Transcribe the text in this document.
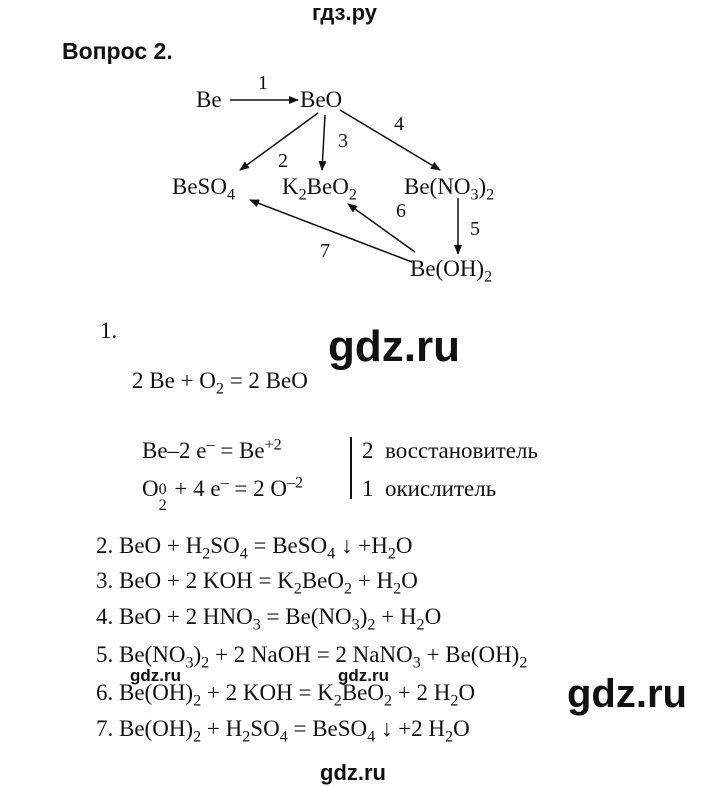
гдз.ру
gdz.ru
gdz.ru	gdz.ru	gdz.ru
gdz.ru
Вопрос 2.
Be	BeO
BeSO$_4$ $K_2BeO_2$ $Be(NO_3)_2$
$Be(OH)_2$
1
2
3
4
5
6
7
1.
2 $Be + O_2 = 2$ BeO
Be–2 $e^- = Be^{+2}$
O
2
0 + 4 e– = 2 $O^{-2}$
2 восстановитель
1 окислитель
2. BeO + $H_2SO_4$ = BeSO$_4$ ↓ $+H_2O$
3. BeO + 2 KOH = $K_2BeO_2 + H_2O$
4. BeO + 2 $HNO_3 = Be(NO_3)_2 + H_2O$
5. $Be(NO_3)_2 + 2$ NaOH = 2 NaNO$_3$ + $Be(OH)_2$
6. $Be(OH)_2 + 2$ KOH = $K_2BeO_2 + 2$ $H_2O$
7. $Be(OH)_2 + H_2SO_4$ = BeSO$_4$ ↓ +2 $H_2O$
